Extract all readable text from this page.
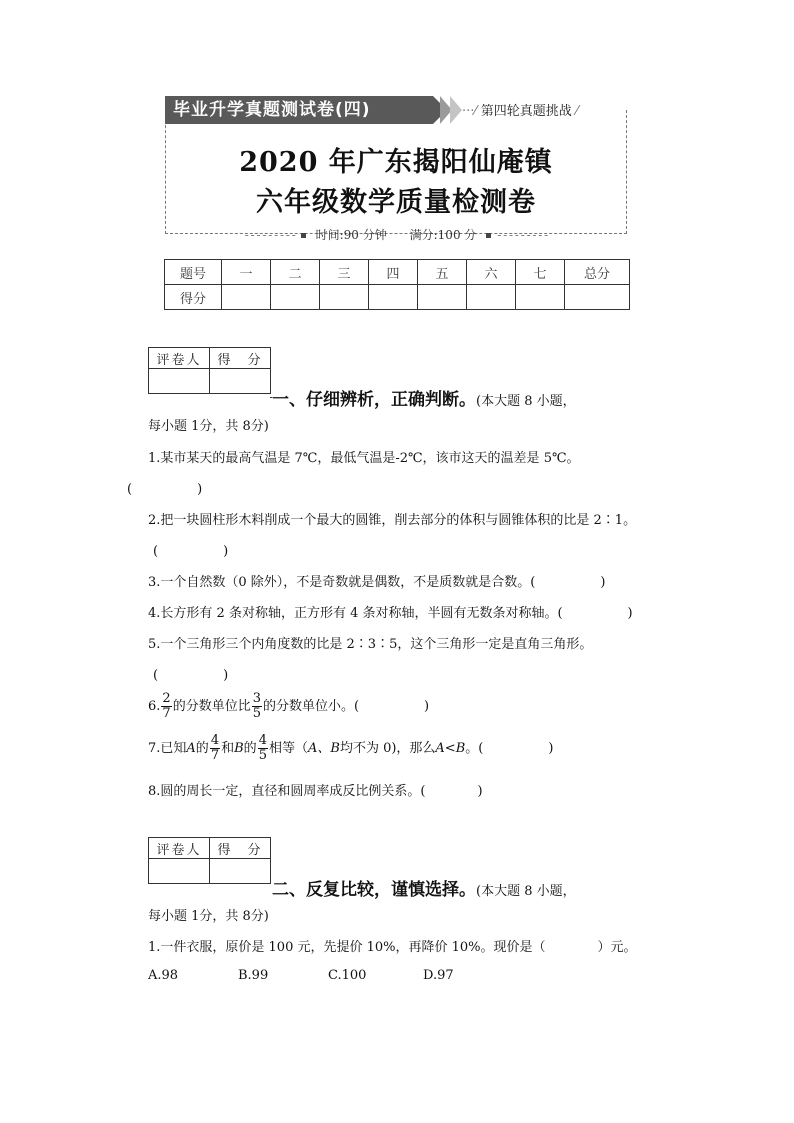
毕业升学真题测试卷(四)	···⁄ 第四轮真题挑战 ⁄
2020 年广东揭阳仙庵镇
六年级数学质量检测卷
- - - - - - - - - 时间:90 分钟 满分:100 分 - - - - - - - - -
题号	一	二	三	四	五	六	七	总分
得分								
评卷人	得　分

一、仔细辨析，正确判断。(本大题 8 小题，
每小题 1分，共 8分)
1.某市某天的最高气温是 7℃，最低气温是-2℃，该市这天的温差是 5℃。
(　　　　　)
2.把一块圆柱形木料削成一个最大的圆锥，削去部分的体积与圆锥体积的比是 2∶1。
(　　　　　)
3.一个自然数（0 除外），不是奇数就是偶数，不是质数就是合数。(　　　　　)
4.长方形有 2 条对称轴，正方形有 4 条对称轴，半圆有无数条对称轴。(　　　　　)
5.一个三角形三个内角度数的比是 2∶3∶5，这个三角形一定是直角三角形。
(　　　　　)
6. $\frac{2}{7}$ 的分数单位比 $\frac{3}{5}$ 的分数单位小。(　　　　　)
7.已知A的 $\frac{4}{7}$ 和B的 $\frac{4}{5}$ 相等（A、B均不为 0)，那么A<B。(　　　　　)
8.圆的周长一定，直径和圆周率成反比例关系。(　　　　)
评卷人	得　分

二、反复比较，谨慎选择。(本大题 8 小题，
每小题 1分，共 8分)
1.一件衣服，原价是 100 元，先提价 10%，再降价 10%。现价是（　　　　）元。
A.98	B.99	C.100	D.97
